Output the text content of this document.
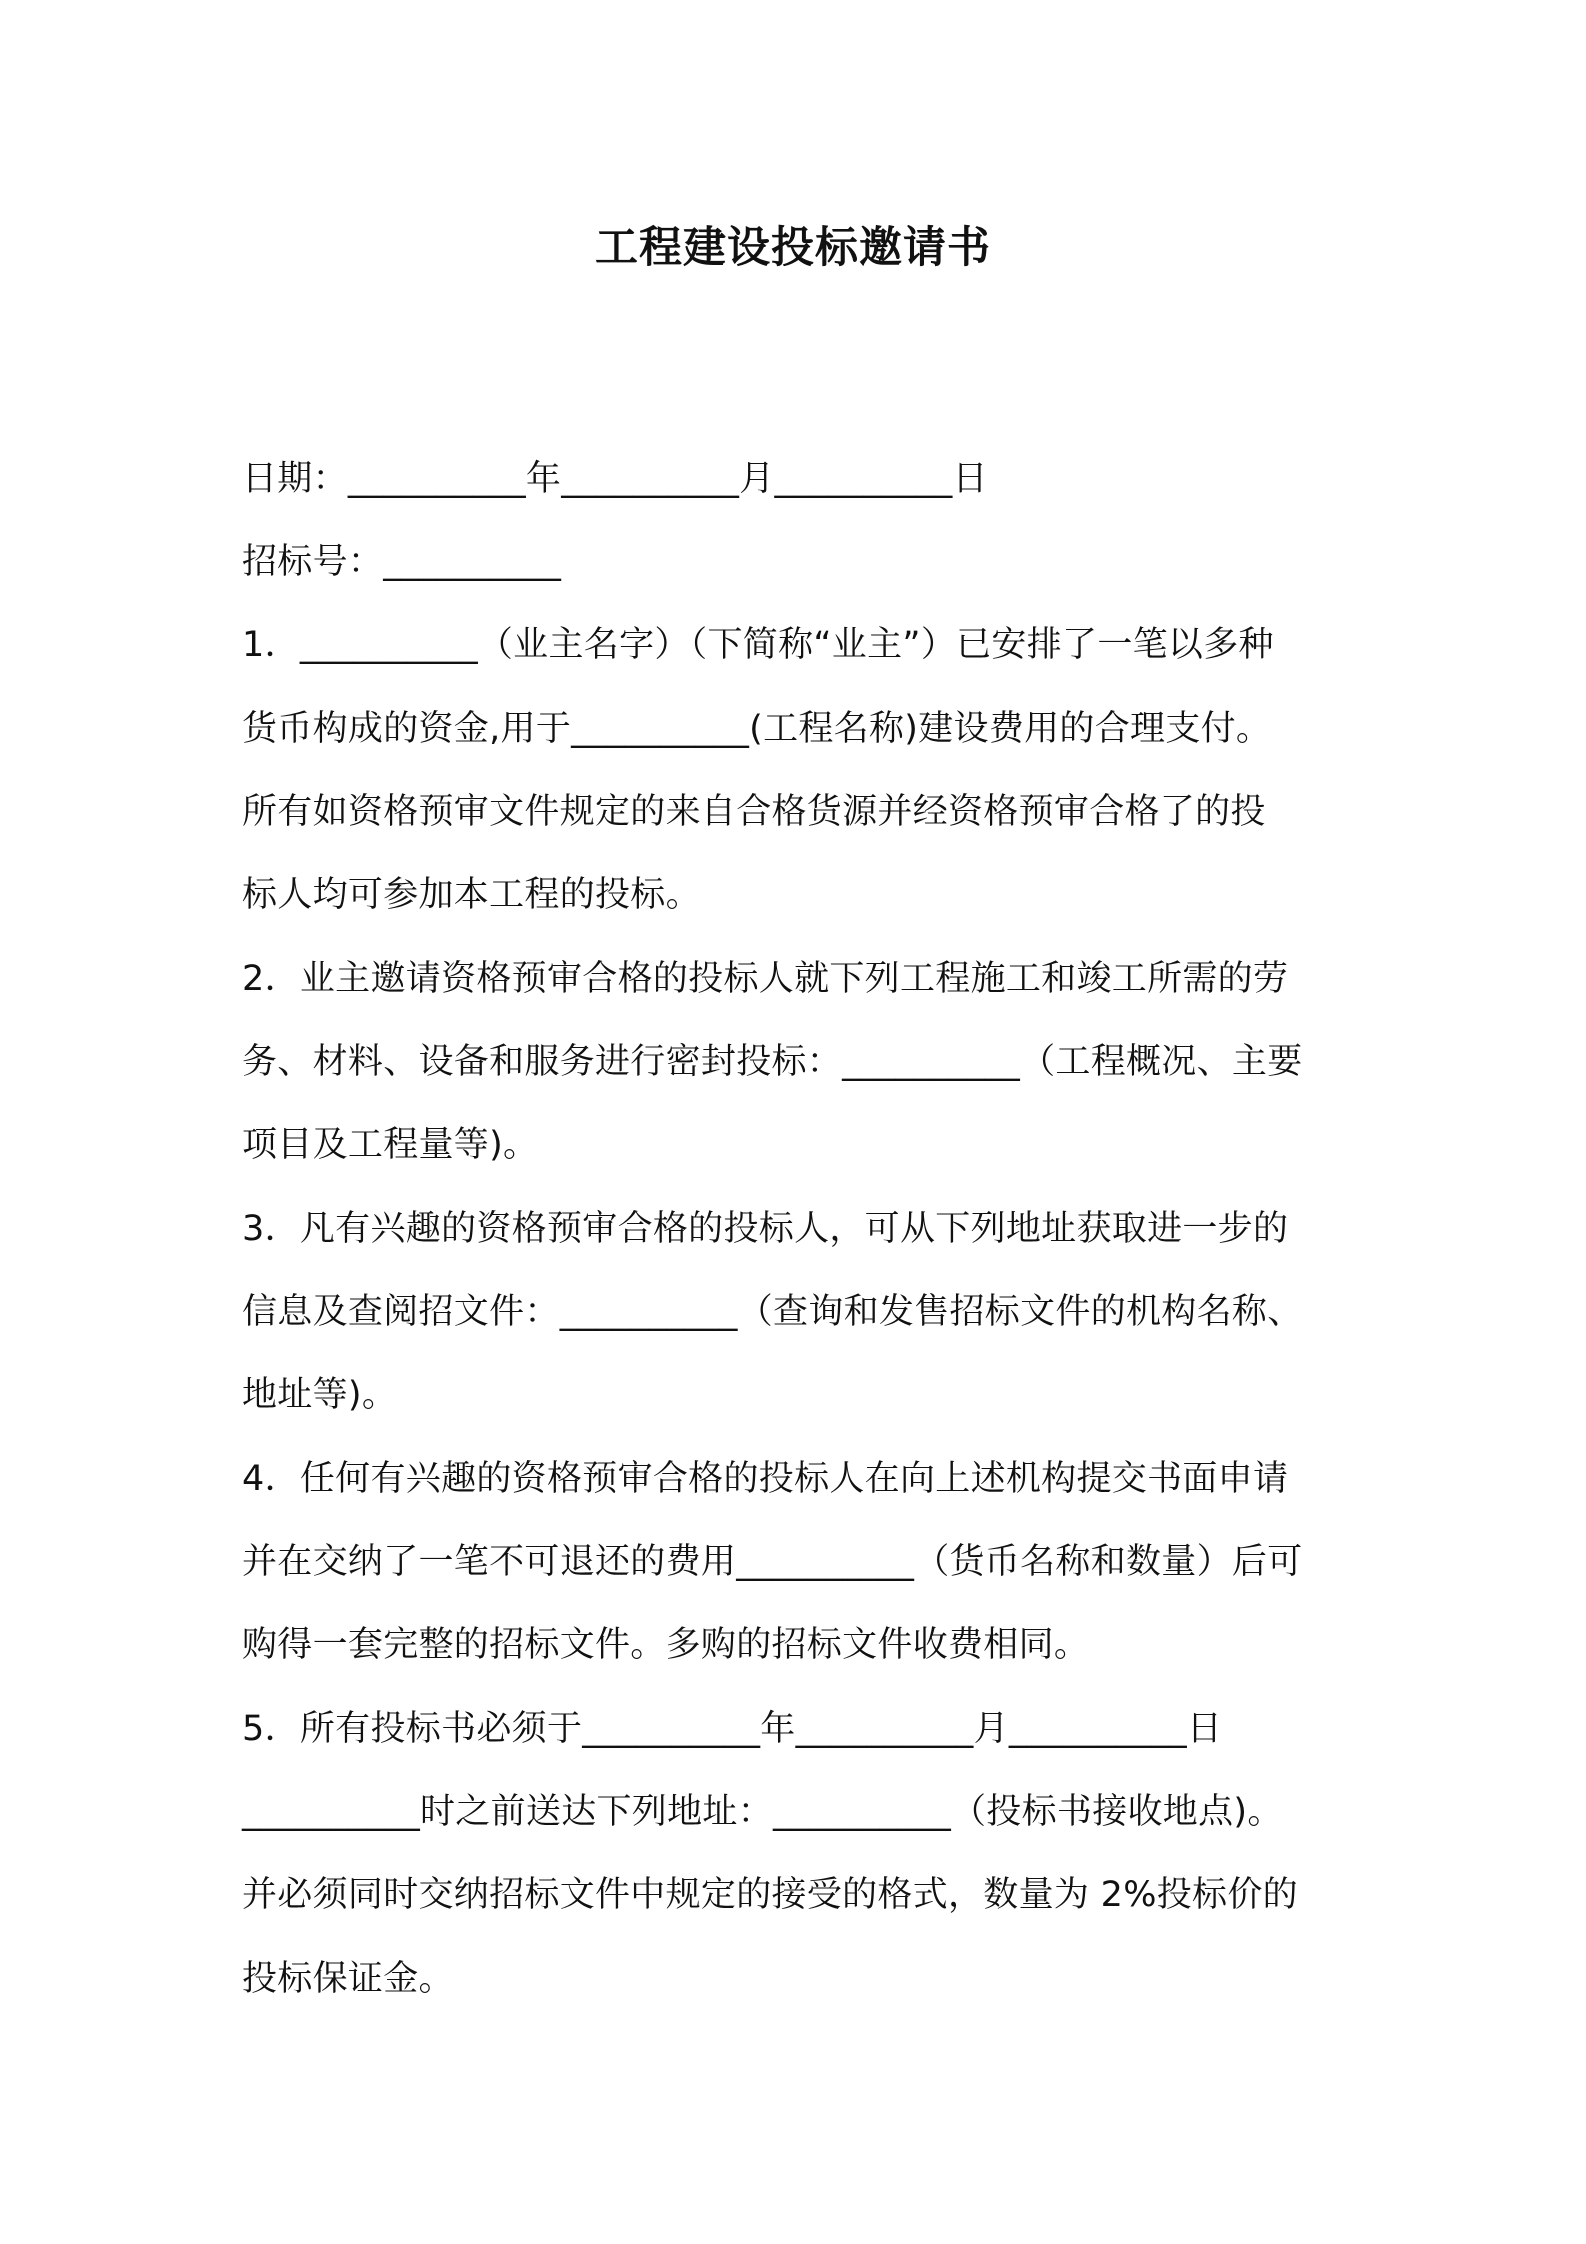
工程建设投标邀请书
日期：__________年__________月__________日
招标号：__________
1．__________（业主名字）（下简称“业主”）已安排了一笔以多种
货币构成的资金,用于__________(工程名称)建设费用的合理支付。
所有如资格预审文件规定的来自合格货源并经资格预审合格了的投
标人均可参加本工程的投标。
2．业主邀请资格预审合格的投标人就下列工程施工和竣工所需的劳
务、材料、设备和服务进行密封投标：__________（工程概况、主要
项目及工程量等)。
3．凡有兴趣的资格预审合格的投标人，可从下列地址获取进一步的
信息及查阅招文件：__________（查询和发售招标文件的机构名称、
地址等)。
4．任何有兴趣的资格预审合格的投标人在向上述机构提交书面申请
并在交纳了一笔不可退还的费用__________（货币名称和数量）后可
购得一套完整的招标文件。多购的招标文件收费相同。
5．所有投标书必须于__________年__________月__________日
__________时之前送达下列地址：__________（投标书接收地点)。
并必须同时交纳招标文件中规定的接受的格式，数量为 2%投标价的
投标保证金。
